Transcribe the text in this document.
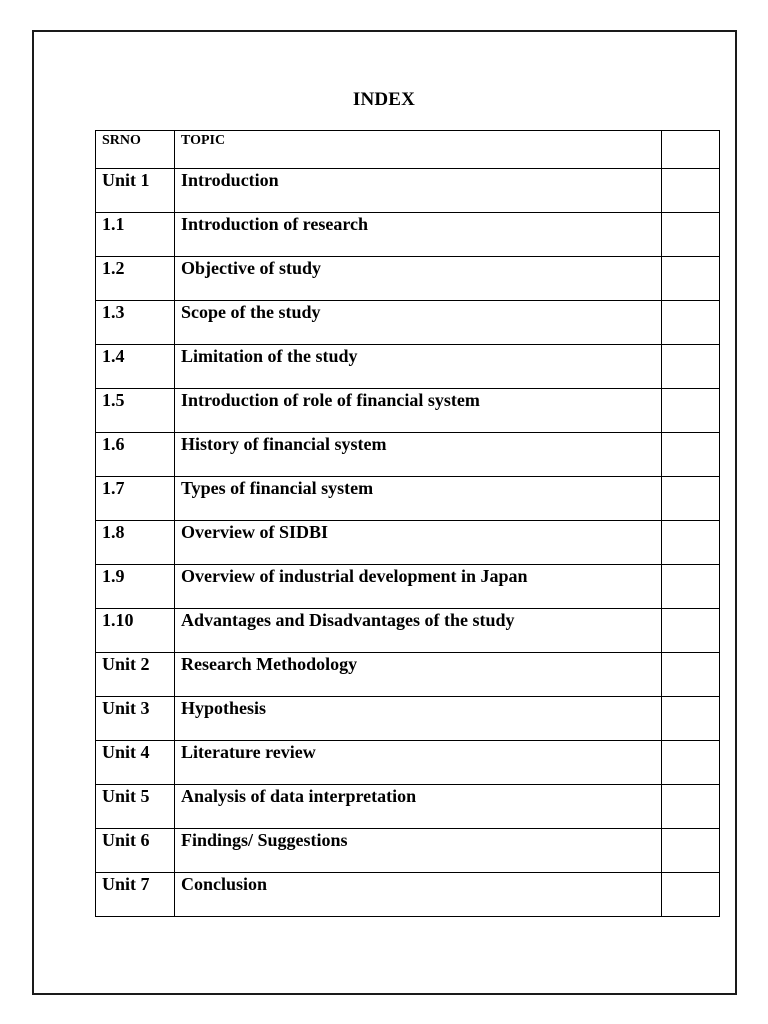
INDEX
SRNO	TOPIC	

Unit 1	Introduction	

1.1	Introduction of research	

1.2	Objective of study	

1.3	Scope of the study	

1.4	Limitation of the study	

1.5	Introduction of role of financial system	

1.6	History of financial system	

1.7	Types of financial system	

1.8	Overview of SIDBI	

1.9	Overview of industrial development in Japan	

1.10	Advantages and Disadvantages of the study	

Unit 2	Research Methodology	

Unit 3	Hypothesis	

Unit 4	Literature review	

Unit 5	Analysis of data interpretation	

Unit 6	Findings/ Suggestions	

Unit 7	Conclusion	
